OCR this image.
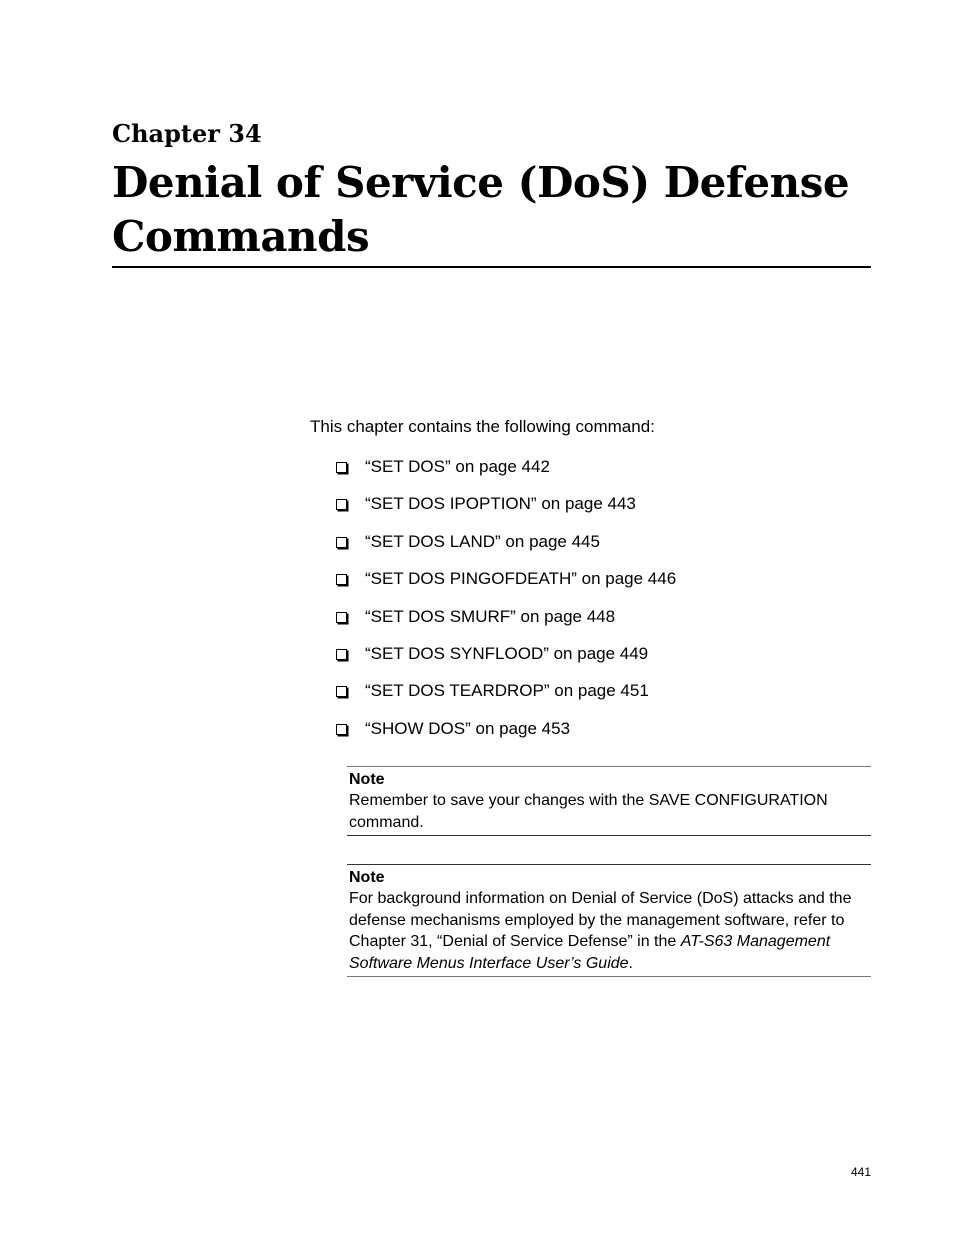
Chapter 34
Denial of Service (DoS) Defense Commands
This chapter contains the following command:
“SET DOS” on page 442
“SET DOS IPOPTION” on page 443
“SET DOS LAND” on page 445
“SET DOS PINGOFDEATH” on page 446
“SET DOS SMURF” on page 448
“SET DOS SYNFLOOD” on page 449
“SET DOS TEARDROP” on page 451
“SHOW DOS” on page 453
Note
Remember to save your changes with the SAVE CONFIGURATION command.
Note
For background information on Denial of Service (DoS) attacks and the defense mechanisms employed by the management software, refer to Chapter 31, “Denial of Service Defense” in the AT-S63 Management Software Menus Interface User’s Guide.
441
